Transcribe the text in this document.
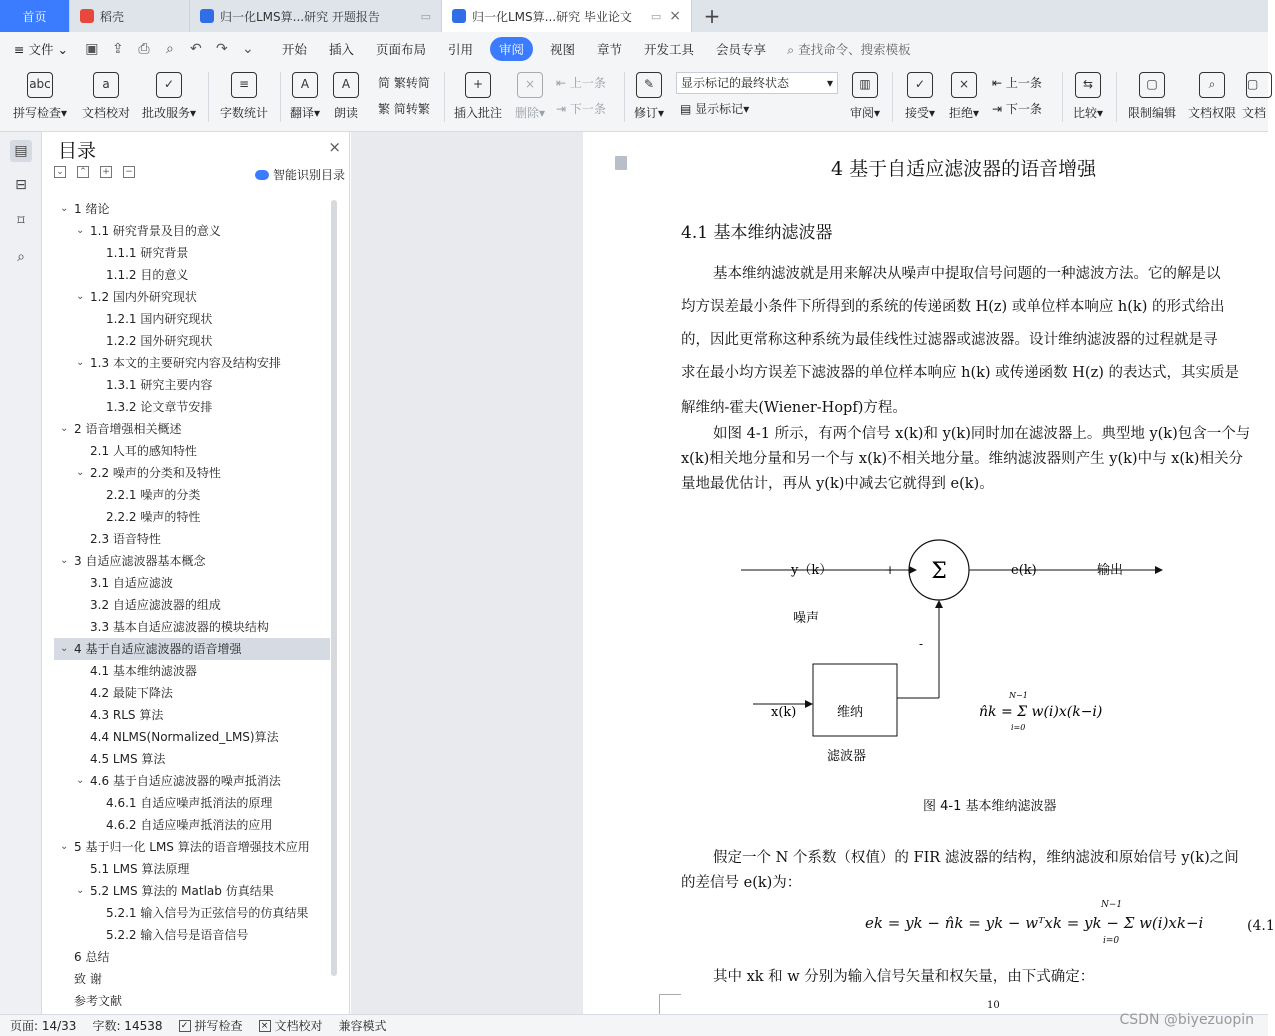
首页	稻壳	归一化LMS算...研究 开题报告	▭	归一化LMS算...研究 毕业论文 ▭ ×	+
≡ 文件 ⌄	▣ ⇪ ⎙ ⌕ ↶ ↷ ⌄	开始	插入	页面布局	引用	审阅	视图	章节	开发工具	会员专享	⌕ 查找命令、搜索模板
abc
拼写检查▾
a
文档校对
✓
批改服务▾
≡
字数统计
A
翻译▾
A
朗读
简 繁转简
繁 简转繁
+
插入批注
×
删除▾
⇤ 上一条
⇥ 下一条
✎
修订▾
显示标记的最终状态	▾
▤ 显示标记▾
▥
审阅▾
✓
接受▾
×
拒绝▾
⇤ 上一条
⇥ 下一条
⇆
比较▾
▢
限制编辑
⌕
文档权限
▢
文档
▤
⊟
⌑
⌕
目录	×
⌄ ⌃ + −	智能识别目录
⌄ 1 绪论
⌄ 1.1 研究背景及目的意义
1.1.1 研究背景
1.1.2 目的意义
⌄ 1.2 国内外研究现状
1.2.1 国内研究现状
1.2.2 国外研究现状
⌄ 1.3 本文的主要研究内容及结构安排
1.3.1 研究主要内容
1.3.2 论文章节安排
⌄ 2 语音增强相关概述
2.1 人耳的感知特性
⌄ 2.2 噪声的分类和及特性
2.2.1 噪声的分类
2.2.2 噪声的特性
2.3 语音特性
⌄ 3 自适应滤波器基本概念
3.1 自适应滤波
3.2 自适应滤波器的组成
3.3 基本自适应滤波器的模块结构
⌄ 4 基于自适应滤波器的语音增强
4.1 基本维纳滤波器
4.2 最陡下降法
4.3 RLS 算法
4.4 NLMS(Normalized_LMS)算法
4.5 LMS 算法
⌄ 4.6 基于自适应滤波器的噪声抵消法
4.6.1 自适应噪声抵消法的原理
4.6.2 自适应噪声抵消法的应用
⌄ 5 基于归一化 LMS 算法的语音增强技术应用
5.1 LMS 算法原理
⌄ 5.2 LMS 算法的 Matlab 仿真结果
5.2.1 输入信号为正弦信号的仿真结果
5.2.2 输入信号是语音信号
6 总结
致 谢
参考文献
4 基于自适应滤波器的语音增强
4.1 基本维纳滤波器
基本维纳滤波就是用来解决从噪声中提取信号问题的一种滤波方法。它的解是以
均方误差最小条件下所得到的系统的传递函数 H(z) 或单位样本响应 h(k) 的形式给出
的，因此更常称这种系统为最佳线性过滤器或滤波器。设计维纳滤波器的过程就是寻
求在最小均方误差下滤波器的单位样本响应 h(k) 或传递函数 H(z) 的表达式，其实质是
解维纳-霍夫(Wiener-Hopf)方程。
如图 4-1 所示，有两个信号 x(k)和 y(k)同时加在滤波器上。典型地 y(k)包含一个与
x(k)相关地分量和另一个与 x(k)不相关地分量。维纳滤波器则产生 y(k)中与 x(k)相关分
量地最优估计，再从 y(k)中减去它就得到 e(k)。
Σ
y（k）	+	e(k)	输出
噪声
-
维纳
x(k)
滤波器
n̂k = Σ w(i)x(k−i)
N−1
i=0
图 4-1 基本维纳滤波器
假定一个 N 个系数（权值）的 FIR 滤波器的结构，维纳滤波和原始信号 y(k)之间
的差信号 e(k)为：
ek = yk − n̂k = yk − wᵀxk = yk − Σ w(i)xk−i
N−1
i=0
(4.1
其中 xk 和 w 分别为输入信号矢量和权矢量，由下式确定：
10
页面: 14/33 字数: 14538 ✓ 拼写检查 × 文档校对 兼容模式	CSDN @biyezuopin
